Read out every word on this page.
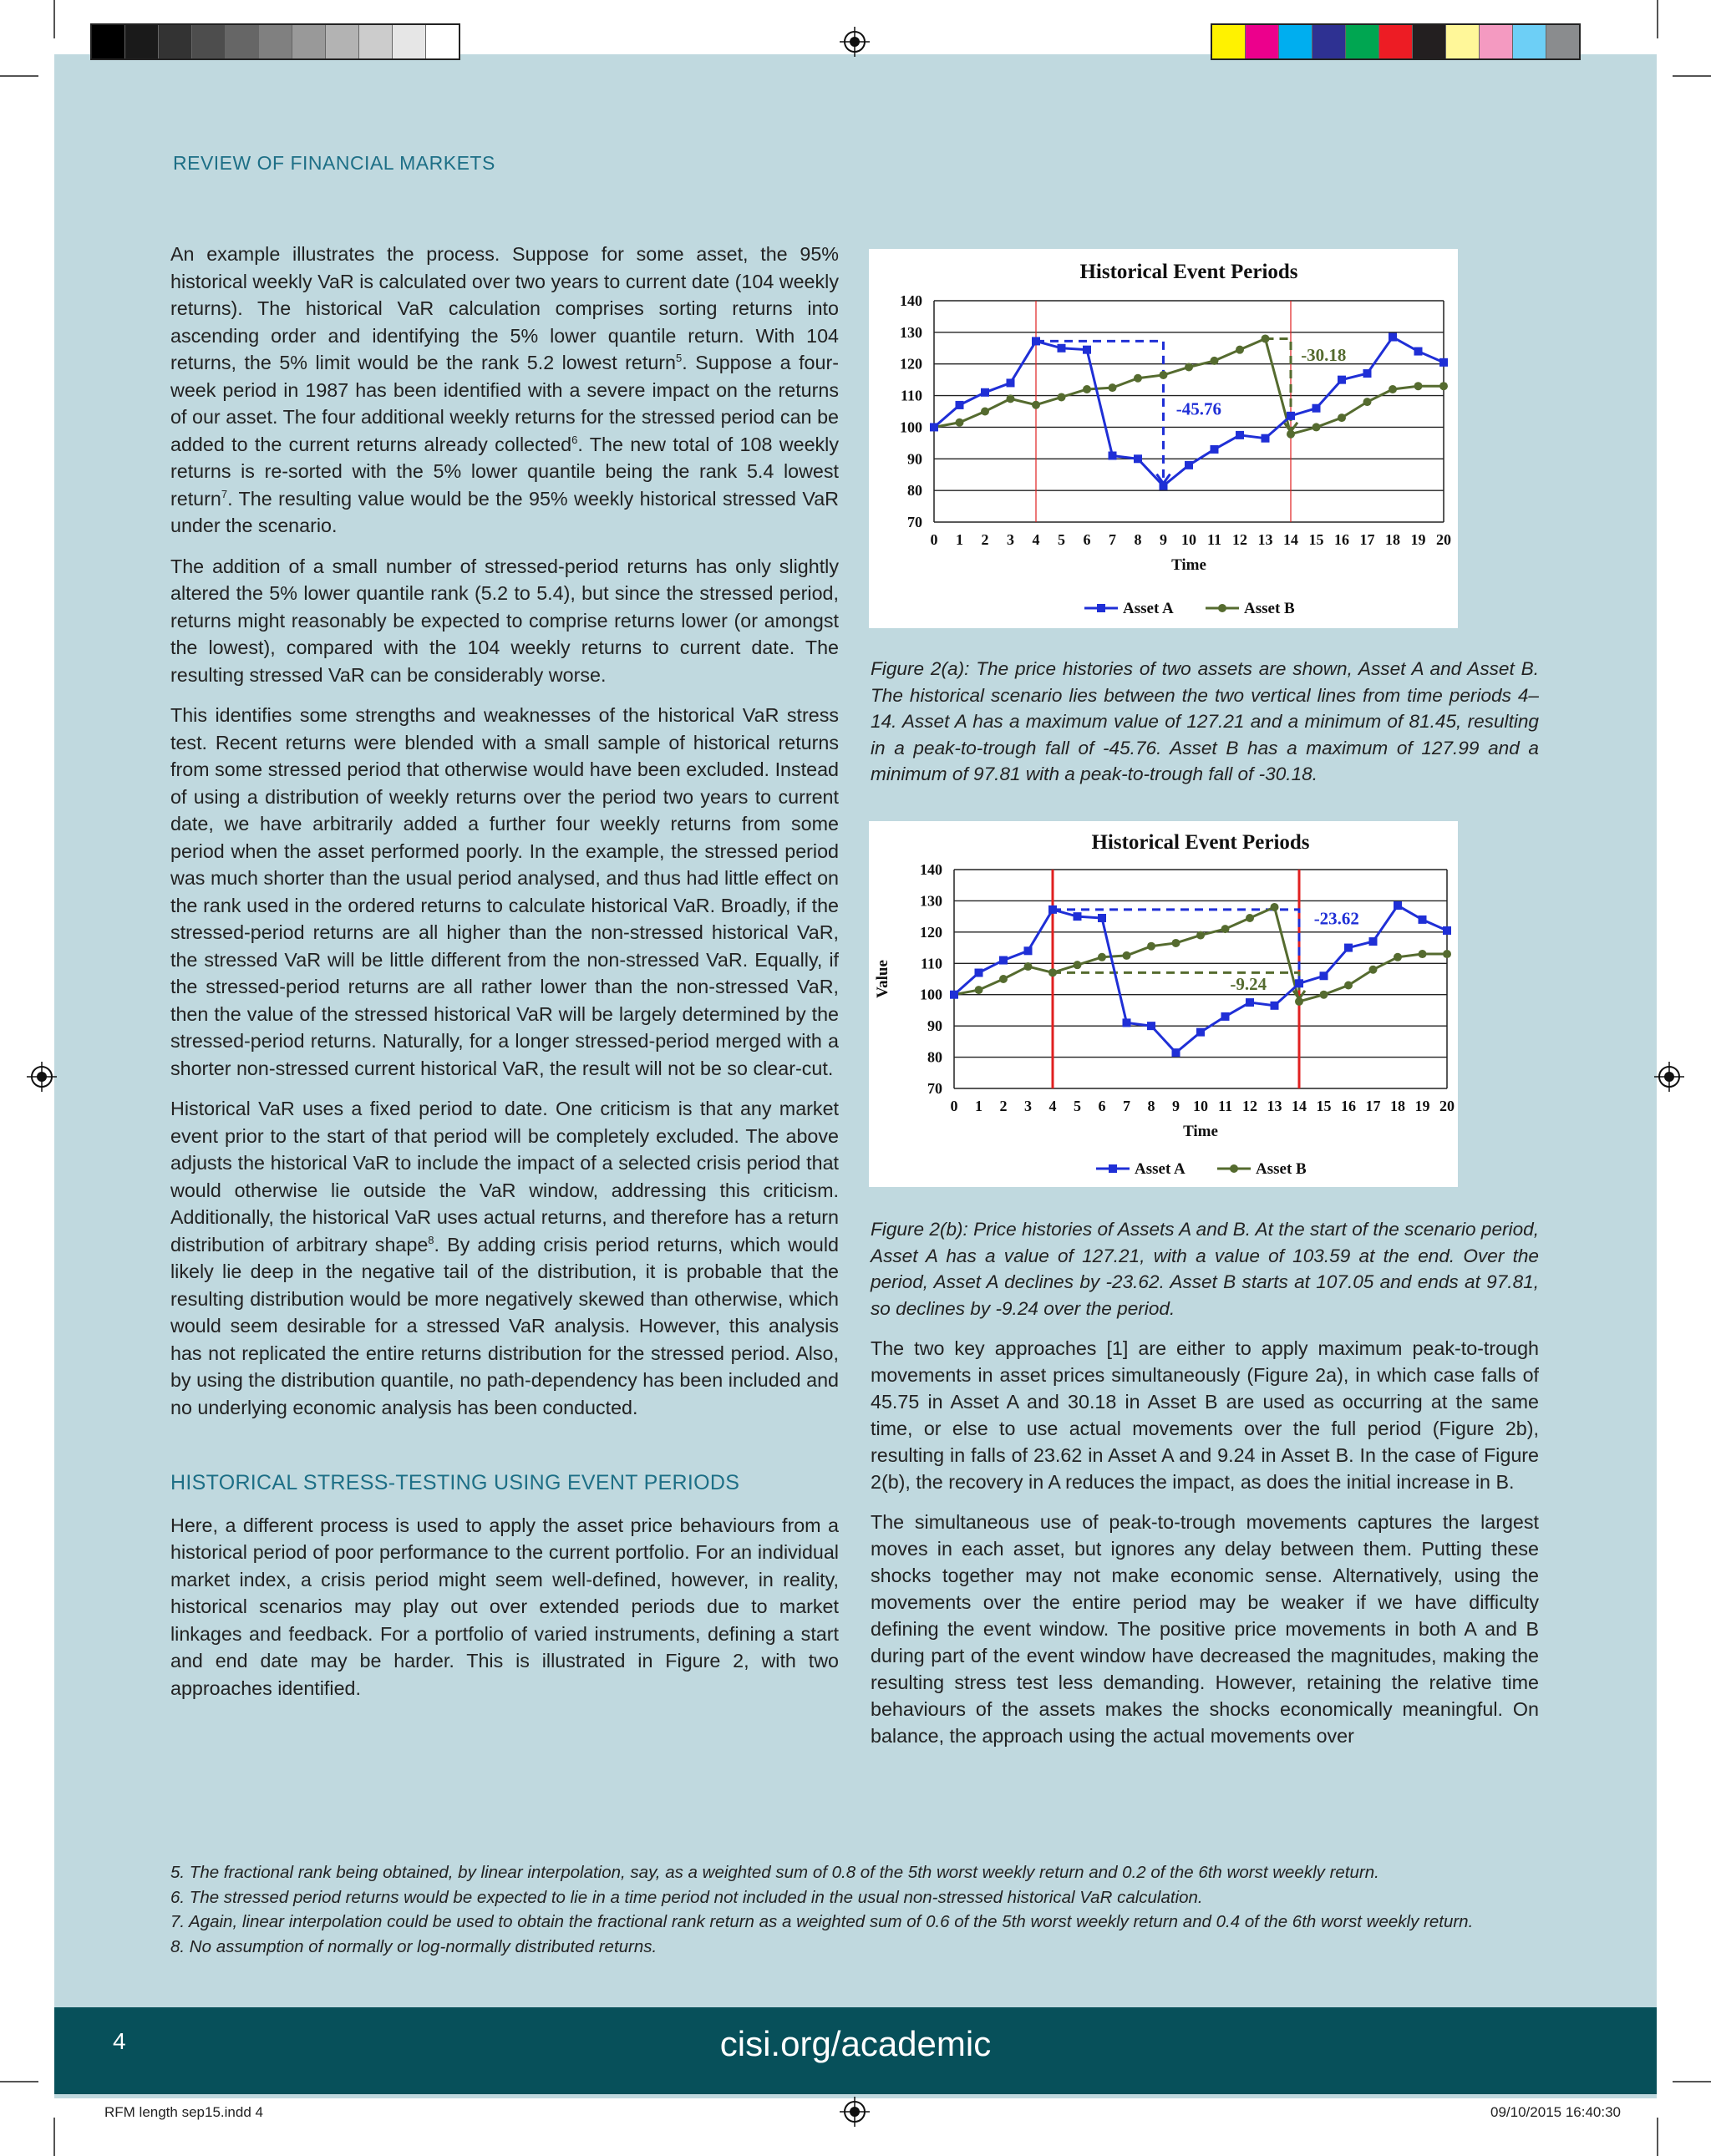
REVIEW OF FINANCIAL MARKETS

An example illustrates the process. Suppose for some asset, the 95% historical weekly VaR is calculated over two years to current date (104 weekly returns). The historical VaR calculation comprises sorting returns into ascending order and identifying the 5% lower quantile return. With 104 returns, the 5% limit would be the rank 5.2 lowest return$^5$. Suppose a four-week period in 1987 has been identified with a severe impact on the returns of our asset. The four additional weekly returns for the stressed period can be added to the current returns already collected$^6$. The new total of 108 weekly returns is re-sorted with the 5% lower quantile being the rank 5.4 lowest return$^7$. The resulting value would be the 95% weekly historical stressed VaR under the scenario.

The addition of a small number of stressed-period returns has only slightly altered the 5% lower quantile rank (5.2 to 5.4), but since the stressed period, returns might reasonably be expected to comprise returns lower (or amongst the lowest), compared with the 104 weekly returns to current date. The resulting stressed VaR can be considerably worse.

This identifies some strengths and weaknesses of the historical VaR stress test. Recent returns were blended with a small sample of historical returns from some stressed period that otherwise would have been excluded. Instead of using a distribution of weekly returns over the period two years to current date, we have arbitrarily added a further four weekly returns from some period when the asset performed poorly. In the example, the stressed period was much shorter than the usual period analysed, and thus had little effect on the rank used in the ordered returns to calculate historical VaR. Broadly, if the stressed-period returns are all higher than the non-stressed historical VaR, the stressed VaR will be little different from the non-stressed VaR. Equally, if the stressed-period returns are all rather lower than the non-stressed VaR, then the value of the stressed historical VaR will be largely determined by the stressed-period returns. Naturally, for a longer stressed-period merged with a shorter non-stressed current historical VaR, the result will not be so clear-cut.

Historical VaR uses a fixed period to date. One criticism is that any market event prior to the start of that period will be completely excluded. The above adjusts the historical VaR to include the impact of a selected crisis period that would otherwise lie outside the VaR window, addressing this criticism. Additionally, the historical VaR uses actual returns, and therefore has a return distribution of arbitrary shape$^8$. By adding crisis period returns, which would likely lie deep in the negative tail of the distribution, it is probable that the resulting distribution would be more negatively skewed than otherwise, which would seem desirable for a stressed VaR analysis. However, this analysis has not replicated the entire returns distribution for the stressed period. Also, by using the distribution quantile, no path-dependency has been included and no underlying economic analysis has been conducted.

HISTORICAL STRESS-TESTING USING EVENT PERIODS

Here, a different process is used to apply the asset price behaviours from a historical period of poor performance to the current portfolio. For an individual market index, a crisis period might seem well-defined, however, in reality, historical scenarios may play out over extended periods due to market linkages and feedback. For a portfolio of varied instruments, defining a start and end date may be harder. This is illustrated in Figure 2, with two approaches identified.

Historical Event Periods
70
80
90
100
110
120
130
140
0 1 2 3 4 5 6 7 8 9 10 11 12 13 14 15 16 17 18 19 20
Time
-45.76
-30.18
Asset A	Asset B
Figure 2(a): The price histories of two assets are shown, Asset A and Asset B. The historical scenario lies between the two vertical lines from time periods 4–14. Asset A has a maximum value of 127.21 and a minimum of 81.45, resulting in a peak-to-trough fall of -45.76. Asset B has a maximum of 127.99 and a minimum of 97.81 with a peak-to-trough fall of -30.18.
Historical Event Periods
70
80
90
100
110
120
130
140
0 1 2 3 4 5 6 7 8 9 10 11 12 13 14 15 16 17 18 19 20
Time
Value
-23.62
-9.24
Asset A	Asset B
Figure 2(b): Price histories of Assets A and B. At the start of the scenario period, Asset A has a value of 127.21, with a value of 103.59 at the end. Over the period, Asset A declines by -23.62. Asset B starts at 107.05 and ends at 97.81, so declines by -9.24 over the period.

The two key approaches [1] are either to apply maximum peak-to-trough movements in asset prices simultaneously (Figure 2a), in which case falls of 45.75 in Asset A and 30.18 in Asset B are used as occurring at the same time, or else to use actual movements over the full period (Figure 2b), resulting in falls of 23.62 in Asset A and 9.24 in Asset B. In the case of Figure 2(b), the recovery in A reduces the impact, as does the initial increase in B.

The simultaneous use of peak-to-trough movements captures the largest moves in each asset, but ignores any delay between them. Putting these shocks together may not make economic sense. Alternatively, using the movements over the entire period may be weaker if we have difficulty defining the event window. The positive price movements in both A and B during part of the event window have decreased the magnitudes, making the resulting stress test less demanding. However, retaining the relative time behaviours of the assets makes the shocks economically meaningful. On balance, the approach using the actual movements over

5. The fractional rank being obtained, by linear interpolation, say, as a weighted sum of 0.8 of the 5th worst weekly return and 0.2 of the 6th worst weekly return.
6. The stressed period returns would be expected to lie in a time period not included in the usual non-stressed historical VaR calculation.
7. Again, linear interpolation could be used to obtain the fractional rank return as a weighted sum of 0.6 of the 5th worst weekly return and 0.4 of the 6th worst weekly return.
8. No assumption of normally or log-normally distributed returns.
4	cisi.org/academic
RFM length sep15.indd 4	09/10/2015 16:40:30
